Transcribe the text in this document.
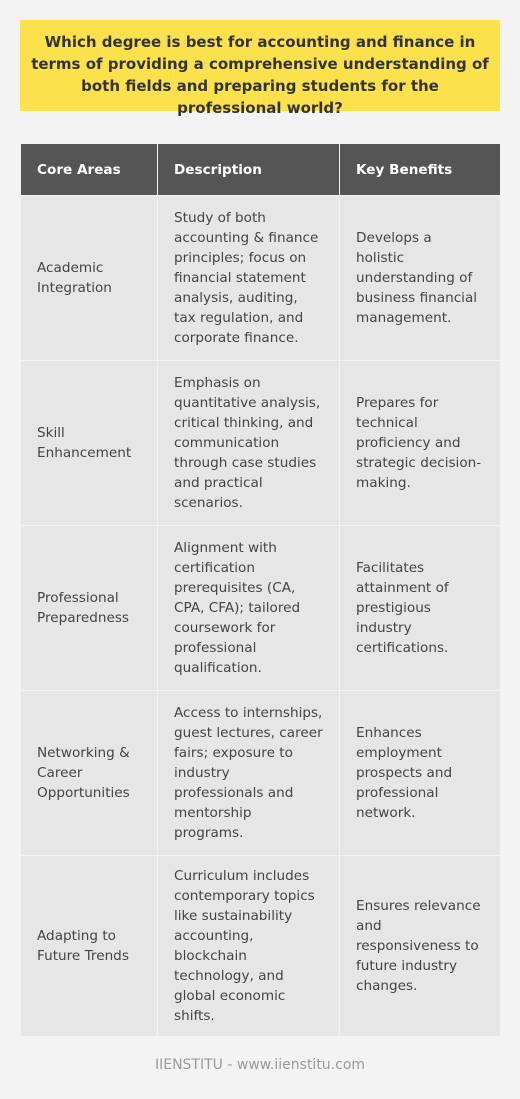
Which degree is best for accounting and finance in terms of providing a comprehensive understanding of both fields and preparing students for the professional world?
Core Areas	Description	Key Benefits
Academic Integration	Study of both accounting & finance principles; focus on financial statement analysis, auditing, tax regulation, and corporate finance.	Develops a holistic understanding of business financial management.
Skill Enhancement	Emphasis on quantitative analysis, critical thinking, and communication through case studies and practical scenarios.	Prepares for technical proficiency and strategic decision-making.
Professional Preparedness	Alignment with certification prerequisites (CA, CPA, CFA); tailored coursework for professional qualification.	Facilitates attainment of prestigious industry certifications.
Networking & Career Opportunities	Access to internships, guest lectures, career fairs; exposure to industry professionals and mentorship programs.	Enhances employment prospects and professional network.
Adapting to Future Trends	Curriculum includes contemporary topics like sustainability accounting, blockchain technology, and global economic shifts.	Ensures relevance and responsiveness to future industry changes.
IIENSTITU - www.iienstitu.com
